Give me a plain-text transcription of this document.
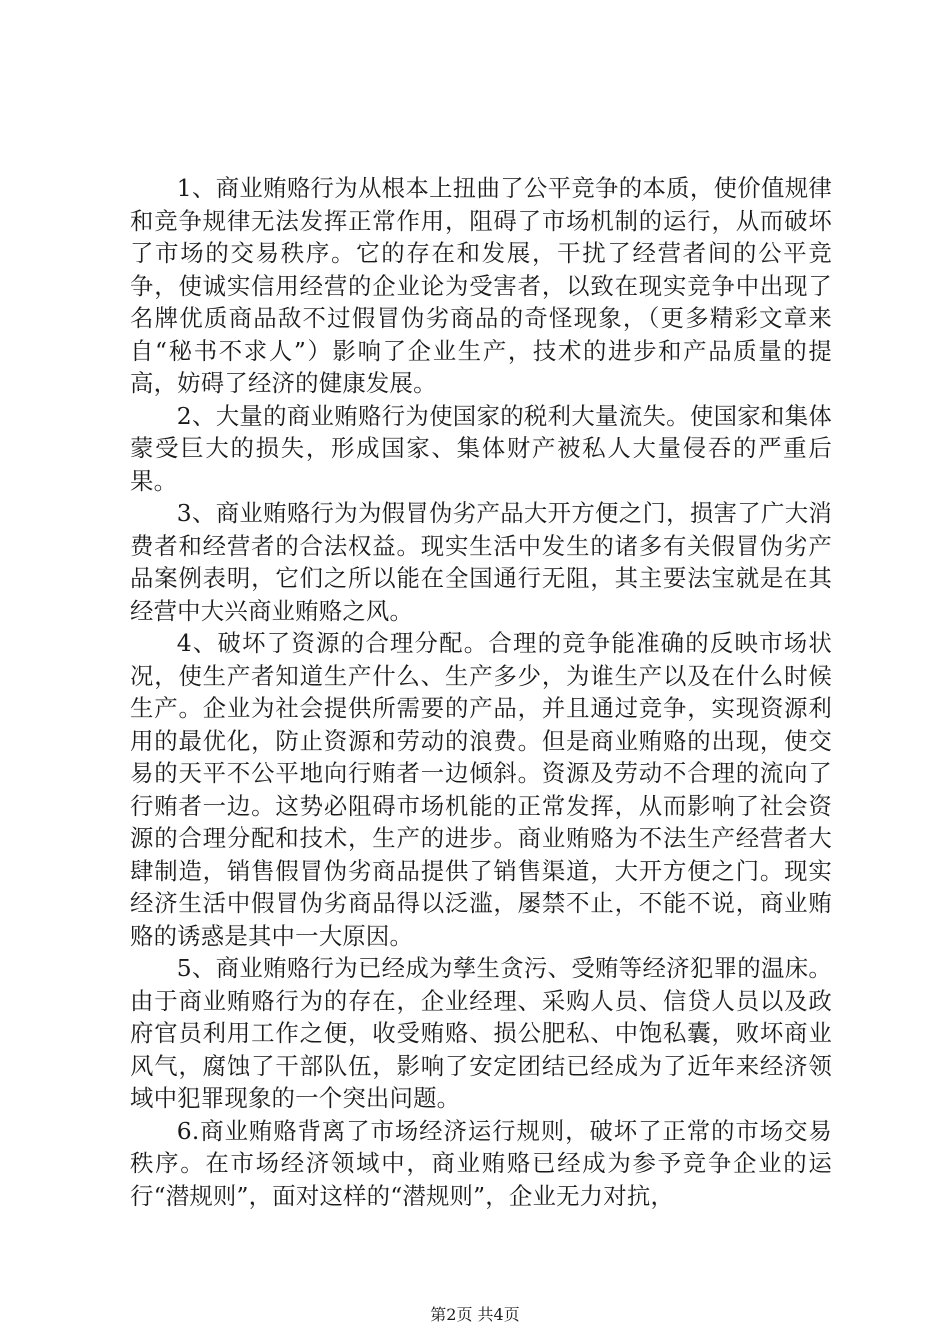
1、商业贿赂行为从根本上扭曲了公平竞争的本质，使价值规律和竞争规律无法发挥正常作用，阻碍了市场机制的运行，从而破坏了市场的交易秩序。它的存在和发展，干扰了经营者间的公平竞争，使诚实信用经营的企业论为受害者，以致在现实竞争中出现了名牌优质商品敌不过假冒伪劣商品的奇怪现象，（更多精彩文章来自“秘书不求人”）影响了企业生产，技术的进步和产品质量的提高，妨碍了经济的健康发展。

2、大量的商业贿赂行为使国家的税利大量流失。使国家和集体蒙受巨大的损失，形成国家、集体财产被私人大量侵吞的严重后果。

3、商业贿赂行为为假冒伪劣产品大开方便之门，损害了广大消费者和经营者的合法权益。现实生活中发生的诸多有关假冒伪劣产品案例表明，它们之所以能在全国通行无阻，其主要法宝就是在其经营中大兴商业贿赂之风。

4、破坏了资源的合理分配。合理的竞争能准确的反映市场状况，使生产者知道生产什么、生产多少，为谁生产以及在什么时候生产。企业为社会提供所需要的产品，并且通过竞争，实现资源利用的最优化，防止资源和劳动的浪费。但是商业贿赂的出现，使交易的天平不公平地向行贿者一边倾斜。资源及劳动不合理的流向了行贿者一边。这势必阻碍市场机能的正常发挥，从而影响了社会资源的合理分配和技术，生产的进步。商业贿赂为不法生产经营者大肆制造，销售假冒伪劣商品提供了销售渠道，大开方便之门。现实经济生活中假冒伪劣商品得以泛滥，屡禁不止，不能不说，商业贿赂的诱惑是其中一大原因。

5、商业贿赂行为已经成为孳生贪污、受贿等经济犯罪的温床。由于商业贿赂行为的存在，企业经理、采购人员、信贷人员以及政府官员利用工作之便，收受贿赂、损公肥私、中饱私囊，败坏商业风气，腐蚀了干部队伍，影响了安定团结已经成为了近年来经济领域中犯罪现象的一个突出问题。

6.商业贿赂背离了市场经济运行规则，破坏了正常的市场交易秩序。在市场经济领域中，商业贿赂已经成为参予竞争企业的运行“潜规则”，面对这样的“潜规则”，企业无力对抗，

第2页 共4页
